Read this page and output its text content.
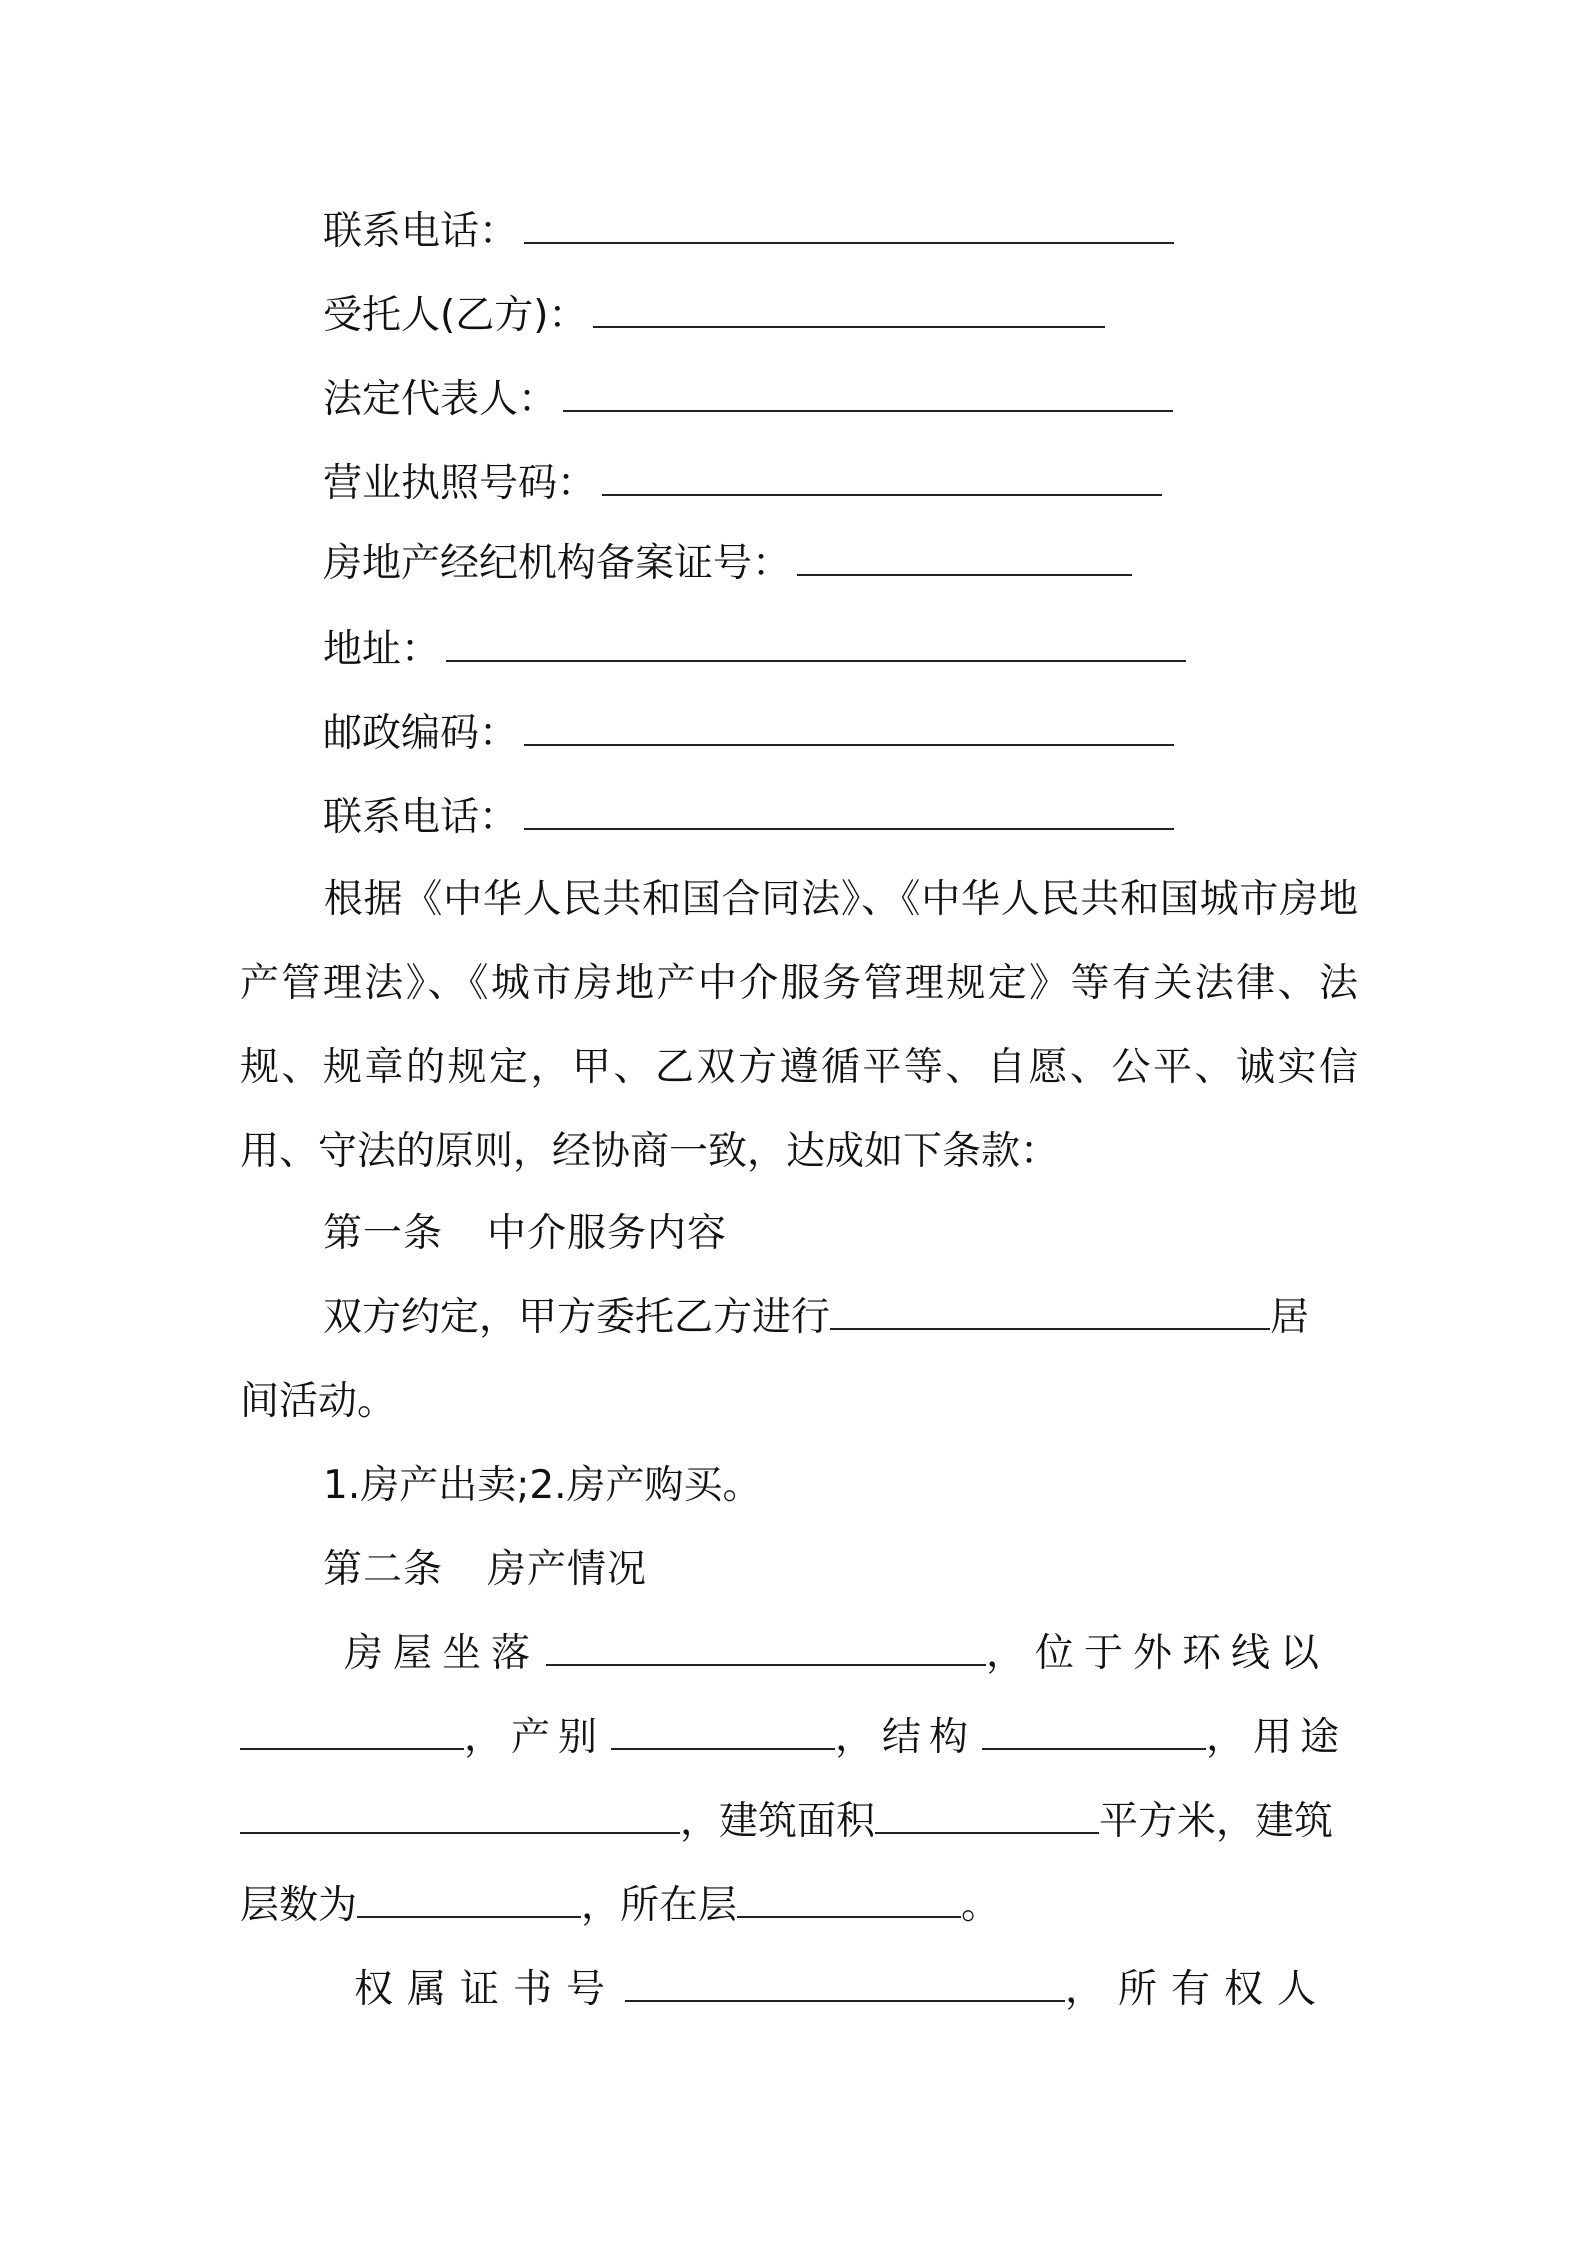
联系电话：
受托人(乙方)：
法定代表人：
营业执照号码：
房地产经纪机构备案证号：
地址：
邮政编码：
联系电话：
根据《中华人民共和国合同法》、《中华人民共和国城市房地产管理法》、《城市房地产中介服务管理规定》等有关法律、法规、规章的规定，甲、乙双方遵循平等、自愿、公平、诚实信用、守法的原则，经协商一致，达成如下条款：
第一条 中介服务内容
双方约定，甲方委托乙方进行	居
间活动。
1.房产出卖;2.房产购买。
第二条 房产情况
房屋坐落	，位于外环线以
，产别	，结构	，用途
，建筑面积	平方米，建筑
层数为	，所在层	。
权属证书号	，所有权人
